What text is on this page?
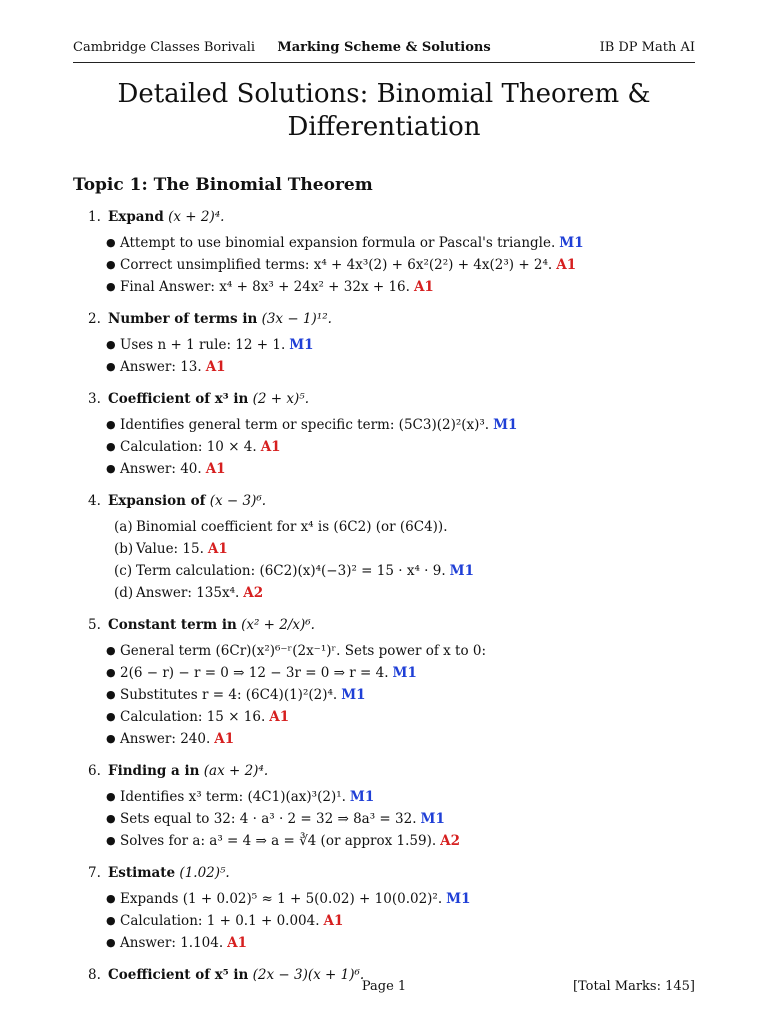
Cambridge Classes Borivali	Marking Scheme & Solutions	IB DP Math AI
Detailed Solutions: Binomial Theorem &
Differentiation
Topic 1: The Binomial Theorem
1. Expand (x + 2)⁴.
● Attempt to use binomial expansion formula or Pascal's triangle. M1
● Correct unsimplified terms: x⁴ + 4x³(2) + 6x²(2²) + 4x(2³) + 2⁴. A1
● Final Answer: x⁴ + 8x³ + 24x² + 32x + 16. A1
2. Number of terms in (3x − 1)¹².
● Uses n + 1 rule: 12 + 1. M1
● Answer: 13. A1
3. Coefficient of x³ in (2 + x)⁵.
● Identifies general term or specific term: (5C3)(2)²(x)³. M1
● Calculation: 10 × 4. A1
● Answer: 40. A1
4. Expansion of (x − 3)⁶.
(a) Binomial coefficient for x⁴ is (6C2) (or (6C4)).
(b) Value: 15. A1
(c) Term calculation: (6C2)(x)⁴(−3)² = 15 · x⁴ · 9. M1
(d) Answer: 135x⁴. A2
5. Constant term in (x² + 2/x)⁶.
● General term (6Cr)(x²)⁶⁻ʳ(2x⁻¹)ʳ. Sets power of x to 0:
● 2(6 − r) − r = 0 ⇒ 12 − 3r = 0 ⇒ r = 4. M1
● Substitutes r = 4: (6C4)(1)²(2)⁴. M1
● Calculation: 15 × 16. A1
● Answer: 240. A1
6. Finding a in (ax + 2)⁴.
● Identifies x³ term: (4C1)(ax)³(2)¹. M1
● Sets equal to 32: 4 · a³ · 2 = 32 ⇒ 8a³ = 32. M1
● Solves for a: a³ = 4 ⇒ a = ∛4 (or approx 1.59). A2
7. Estimate (1.02)⁵.
● Expands (1 + 0.02)⁵ ≈ 1 + 5(0.02) + 10(0.02)². M1
● Calculation: 1 + 0.1 + 0.004. A1
● Answer: 1.104. A1
8. Coefficient of x⁵ in (2x − 3)(x + 1)⁶.
Page 1	[Total Marks: 145]
